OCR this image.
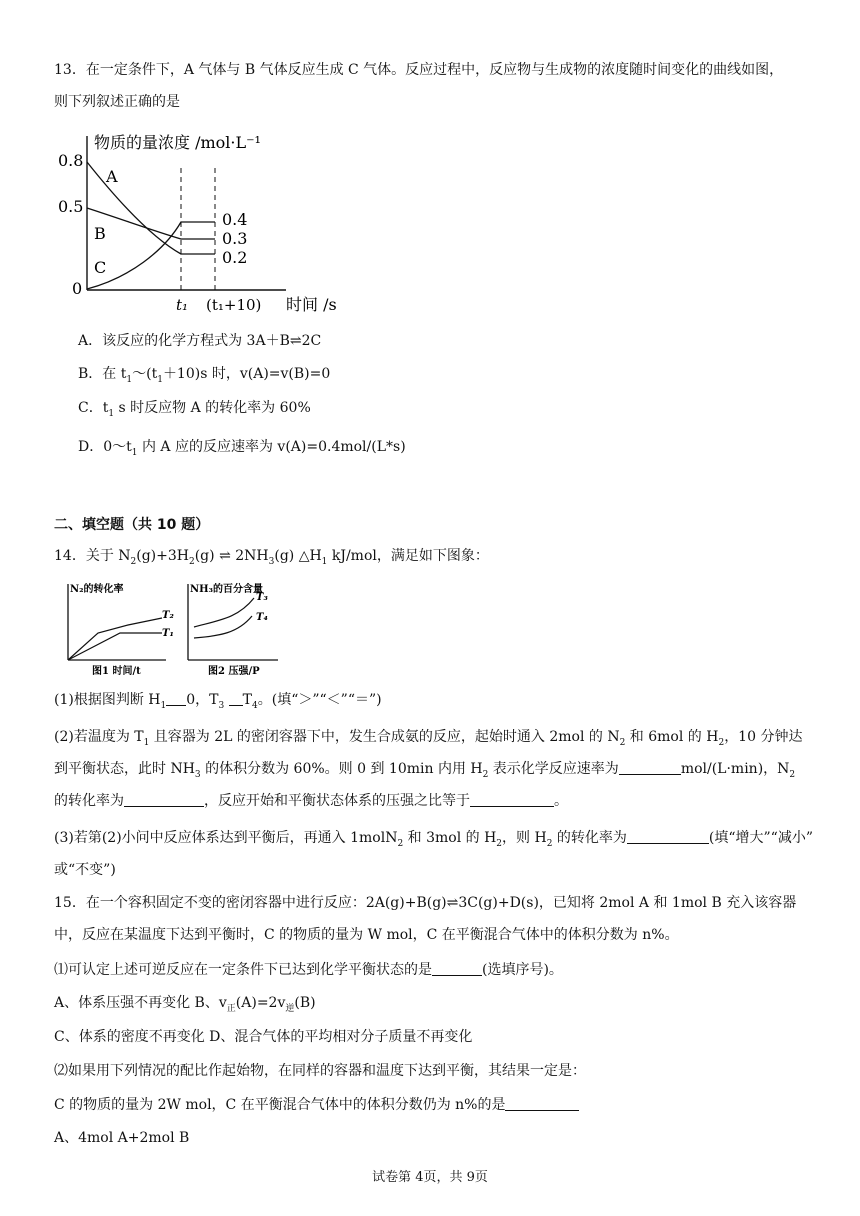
13．在一定条件下，A 气体与 B 气体反应生成 C 气体。反应过程中，反应物与生成物的浓度随时间变化的曲线如图，
则下列叙述正确的是
0.8
0.5
0
物质的量浓度 /mol·L⁻¹
A
B
C
0.4
0.3
0.2
t₁ (t₁+10) 时间 /s
A．该反应的化学方程式为 3A＋B⇌2C
B．在 $t_1\sim(t_1+10)s$ 时，v(A)=v(B)=0
C．$t_1$ s 时反应物 A 的转化率为 60%
D．$0\sim t_1$ 内 A 应的反应速率为 v(A)=0.4mol/(L*s)
二、填空题（共 10 题）
14．关于 $N_2(g)+3H_2(g)$ ⇌ $2NH_3(g)$ $\triangle H_1$ kJ/mol，满足如下图象：
N₂的转化率
T₂
T₁
图1 时间/t
NH₃的百分含量
T₃
T₄
图2 压强/P
(1)根据图判断 $H_1$ 0，$T_3$ $T_4$。(填“＞”“＜”“＝”)
(2)若温度为 $T_1$ 且容器为 2L 的密闭容器下中，发生合成氨的反应，起始时通入 2mol 的 $N_2$ 和 6mol 的 $H_2$，10 分钟达
到平衡状态，此时 $NH_3$ 的体积分数为 60%。则 0 到 10min 内用 $H_2$ 表示化学反应速率为	mol/(L·min)，$N_2$
的转化率为	，反应开始和平衡状态体系的压强之比等于	。
(3)若第(2)小问中反应体系达到平衡后，再通入 1molN$_2$ 和 3mol 的 $H_2$，则 $H_2$ 的转化率为	(填“增大”“减小”
或“不变”)
15．在一个容积固定不变的密闭容器中进行反应：2A(g)+B(g)⇌3C(g)+D(s)，已知将 2mol A 和 1mol B 充入该容器
中，反应在某温度下达到平衡时，C 的物质的量为 W mol，C 在平衡混合气体中的体积分数为 n%。
⑴可认定上述可逆反应在一定条件下已达到化学平衡状态的是	(选填序号)。
A、体系压强不再变化 B、$v_正(A)=2v_逆(B)$
C、体系的密度不再变化 D、混合气体的平均相对分子质量不再变化
⑵如果用下列情况的配比作起始物，在同样的容器和温度下达到平衡，其结果一定是：
C 的物质的量为 2W mol，C 在平衡混合气体中的体积分数仍为 n%的是
A、4mol A+2mol B
试卷第 4页，共 9页
